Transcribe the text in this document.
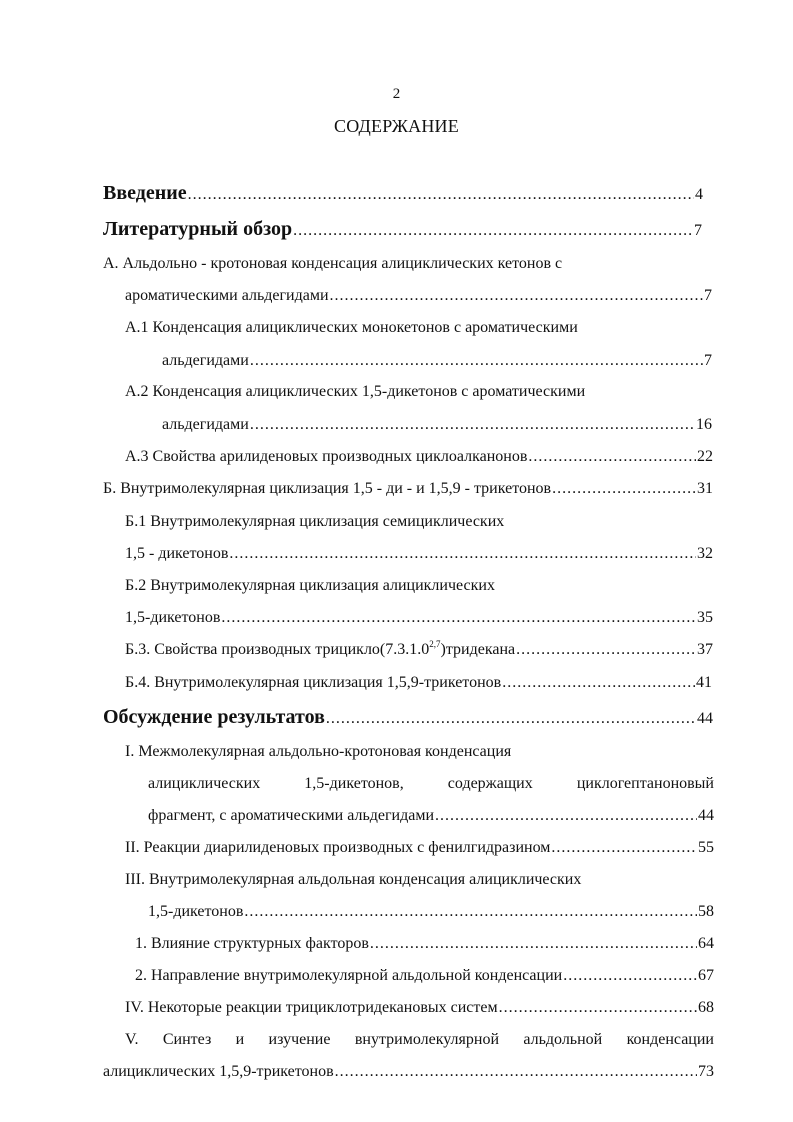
2
СОДЕРЖАНИЕ
Введение . . .	4
Литературный обзор . . .	7
А. Альдольно - кротоновая конденсация алициклических кетонов с
ароматическими альдегидами . . .	7
А.1 Конденсация алициклических монокетонов с ароматическими
альдегидами . . .	7
А.2 Конденсация алициклических 1,5-дикетонов с ароматическими
альдегидами . . .	16
А.3 Свойства арилиденовых производных циклоалканонов . . .	22
Б. Внутримолекулярная циклизация 1,5 - ди - и 1,5,9 - трикетонов . . .	31
Б.1 Внутримолекулярная циклизация семициклических
1,5 - дикетонов . . .	32
Б.2 Внутримолекулярная циклизация алициклических
1,5-дикетонов . . .	35
Б.3. Свойства производных трицикло(7.3.1.0$^{2,7}$)тридекана . . .	37
Б.4. Внутримолекулярная циклизация 1,5,9-трикетонов . . .	41
Обсуждение результатов . . .	44
I. Межмолекулярная альдольно-кротоновая конденсация
алициклических 1,5-дикетонов, содержащих циклогептаноновый
фрагмент, с ароматическими альдегидами . . .	44
II. Реакции диарилиденовых производных с фенилгидразином . . .	55
III. Внутримолекулярная альдольная конденсация алициклических
1,5-дикетонов . . .	58
1. Влияние структурных факторов . . .	64
2. Направление внутримолекулярной альдольной конденсации . . .	67
IV. Некоторые реакции трициклотридекановых систем . . .	68
V. Синтез и изучение внутримолекулярной альдольной конденсации
алициклических 1,5,9-трикетонов . . .	73
